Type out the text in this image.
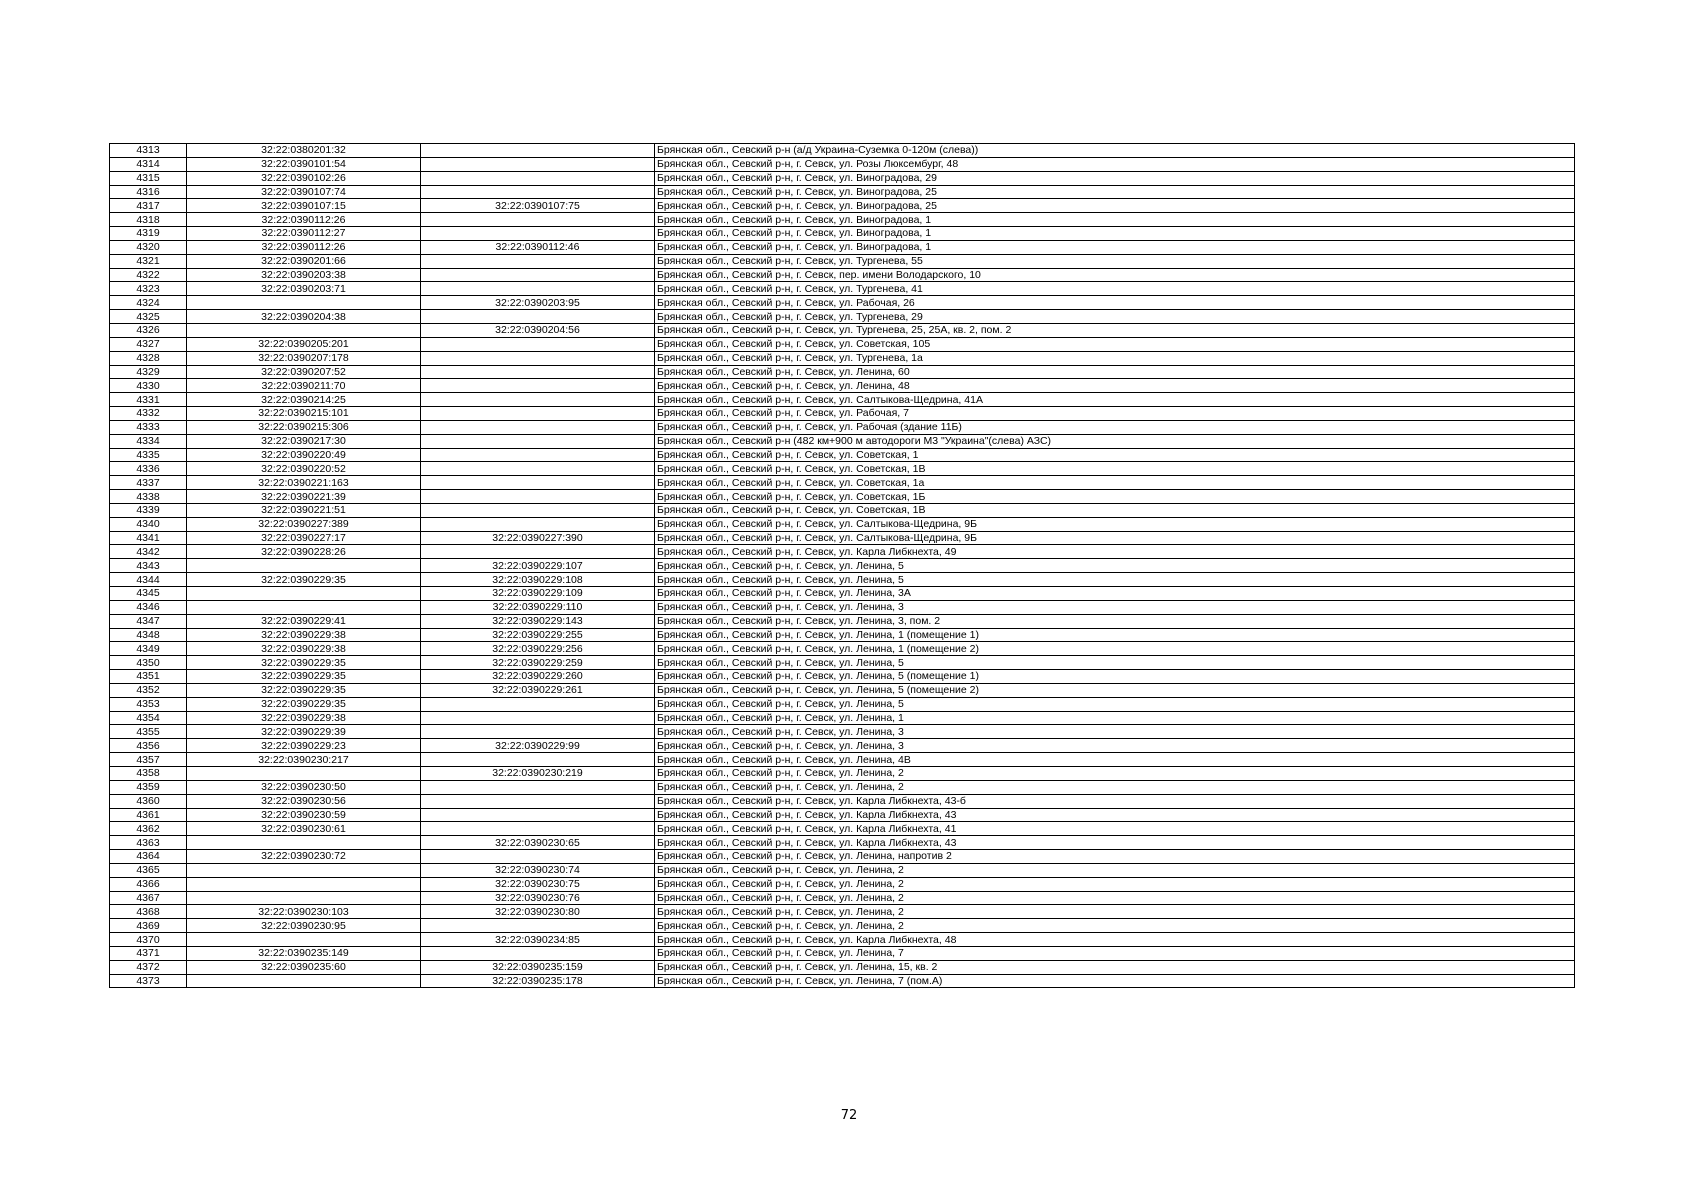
4313	32:22:0380201:32		Брянская обл., Севский р-н (а/д Украина-Суземка 0-120м (слева))
4314	32:22:0390101:54		Брянская обл., Севский р-н, г. Севск, ул. Розы Люксембург, 48
4315	32:22:0390102:26		Брянская обл., Севский р-н, г. Севск, ул. Виноградова, 29
4316	32:22:0390107:74		Брянская обл., Севский р-н, г. Севск, ул. Виноградова, 25
4317	32:22:0390107:15	32:22:0390107:75	Брянская обл., Севский р-н, г. Севск, ул. Виноградова, 25
4318	32:22:0390112:26		Брянская обл., Севский р-н, г. Севск, ул. Виноградова, 1
4319	32:22:0390112:27		Брянская обл., Севский р-н, г. Севск, ул. Виноградова, 1
4320	32:22:0390112:26	32:22:0390112:46	Брянская обл., Севский р-н, г. Севск, ул. Виноградова, 1
4321	32:22:0390201:66		Брянская обл., Севский р-н, г. Севск, ул. Тургенева, 55
4322	32:22:0390203:38		Брянская обл., Севский р-н, г. Севск, пер. имени Володарского, 10
4323	32:22:0390203:71		Брянская обл., Севский р-н, г. Севск, ул. Тургенева, 41
4324		32:22:0390203:95	Брянская обл., Севский р-н, г. Севск, ул. Рабочая, 26
4325	32:22:0390204:38		Брянская обл., Севский р-н, г. Севск, ул. Тургенева, 29
4326		32:22:0390204:56	Брянская обл., Севский р-н, г. Севск, ул. Тургенева, 25, 25А, кв. 2, пом. 2
4327	32:22:0390205:201		Брянская обл., Севский р-н, г. Севск, ул. Советская, 105
4328	32:22:0390207:178		Брянская обл., Севский р-н, г. Севск, ул. Тургенева, 1а
4329	32:22:0390207:52		Брянская обл., Севский р-н, г. Севск, ул. Ленина, 60
4330	32:22:0390211:70		Брянская обл., Севский р-н, г. Севск, ул. Ленина, 48
4331	32:22:0390214:25		Брянская обл., Севский р-н, г. Севск, ул. Салтыкова-Щедрина, 41А
4332	32:22:0390215:101		Брянская обл., Севский р-н, г. Севск, ул. Рабочая, 7
4333	32:22:0390215:306		Брянская обл., Севский р-н, г. Севск, ул. Рабочая (здание 11Б)
4334	32:22:0390217:30		Брянская обл., Севский р-н (482 км+900 м автодороги М3 "Украина"(слева) АЗС)
4335	32:22:0390220:49		Брянская обл., Севский р-н, г. Севск, ул. Советская, 1
4336	32:22:0390220:52		Брянская обл., Севский р-н, г. Севск, ул. Советская, 1В
4337	32:22:0390221:163		Брянская обл., Севский р-н, г. Севск, ул. Советская, 1а
4338	32:22:0390221:39		Брянская обл., Севский р-н, г. Севск, ул. Советская, 1Б
4339	32:22:0390221:51		Брянская обл., Севский р-н, г. Севск, ул. Советская, 1В
4340	32:22:0390227:389		Брянская обл., Севский р-н, г. Севск, ул. Салтыкова-Щедрина, 9Б
4341	32:22:0390227:17	32:22:0390227:390	Брянская обл., Севский р-н, г. Севск, ул. Салтыкова-Щедрина, 9Б
4342	32:22:0390228:26		Брянская обл., Севский р-н, г. Севск, ул. Карла Либкнехта, 49
4343		32:22:0390229:107	Брянская обл., Севский р-н, г. Севск, ул. Ленина, 5
4344	32:22:0390229:35	32:22:0390229:108	Брянская обл., Севский р-н, г. Севск, ул. Ленина, 5
4345		32:22:0390229:109	Брянская обл., Севский р-н, г. Севск, ул. Ленина, 3А
4346		32:22:0390229:110	Брянская обл., Севский р-н, г. Севск, ул. Ленина, 3
4347	32:22:0390229:41	32:22:0390229:143	Брянская обл., Севский р-н, г. Севск, ул. Ленина, 3, пом. 2
4348	32:22:0390229:38	32:22:0390229:255	Брянская обл., Севский р-н, г. Севск, ул. Ленина, 1 (помещение 1)
4349	32:22:0390229:38	32:22:0390229:256	Брянская обл., Севский р-н, г. Севск, ул. Ленина, 1 (помещение 2)
4350	32:22:0390229:35	32:22:0390229:259	Брянская обл., Севский р-н, г. Севск, ул. Ленина, 5
4351	32:22:0390229:35	32:22:0390229:260	Брянская обл., Севский р-н, г. Севск, ул. Ленина, 5 (помещение 1)
4352	32:22:0390229:35	32:22:0390229:261	Брянская обл., Севский р-н, г. Севск, ул. Ленина, 5 (помещение 2)
4353	32:22:0390229:35		Брянская обл., Севский р-н, г. Севск, ул. Ленина, 5
4354	32:22:0390229:38		Брянская обл., Севский р-н, г. Севск, ул. Ленина, 1
4355	32:22:0390229:39		Брянская обл., Севский р-н, г. Севск, ул. Ленина, 3
4356	32:22:0390229:23	32:22:0390229:99	Брянская обл., Севский р-н, г. Севск, ул. Ленина, 3
4357	32:22:0390230:217		Брянская обл., Севский р-н, г. Севск, ул. Ленина, 4В
4358		32:22:0390230:219	Брянская обл., Севский р-н, г. Севск, ул. Ленина, 2
4359	32:22:0390230:50		Брянская обл., Севский р-н, г. Севск, ул. Ленина, 2
4360	32:22:0390230:56		Брянская обл., Севский р-н, г. Севск, ул. Карла Либкнехта, 43-б
4361	32:22:0390230:59		Брянская обл., Севский р-н, г. Севск, ул. Карла Либкнехта, 43
4362	32:22:0390230:61		Брянская обл., Севский р-н, г. Севск, ул. Карла Либкнехта, 41
4363		32:22:0390230:65	Брянская обл., Севский р-н, г. Севск, ул. Карла Либкнехта, 43
4364	32:22:0390230:72		Брянская обл., Севский р-н, г. Севск, ул. Ленина, напротив 2
4365		32:22:0390230:74	Брянская обл., Севский р-н, г. Севск, ул. Ленина, 2
4366		32:22:0390230:75	Брянская обл., Севский р-н, г. Севск, ул. Ленина, 2
4367		32:22:0390230:76	Брянская обл., Севский р-н, г. Севск, ул. Ленина, 2
4368	32:22:0390230:103	32:22:0390230:80	Брянская обл., Севский р-н, г. Севск, ул. Ленина, 2
4369	32:22:0390230:95		Брянская обл., Севский р-н, г. Севск, ул. Ленина, 2
4370		32:22:0390234:85	Брянская обл., Севский р-н, г. Севск, ул. Карла Либкнехта, 48
4371	32:22:0390235:149		Брянская обл., Севский р-н, г. Севск, ул. Ленина, 7
4372	32:22:0390235:60	32:22:0390235:159	Брянская обл., Севский р-н, г. Севск, ул. Ленина, 15, кв. 2
4373		32:22:0390235:178	Брянская обл., Севский р-н, г. Севск, ул. Ленина, 7 (пом.А)
72
